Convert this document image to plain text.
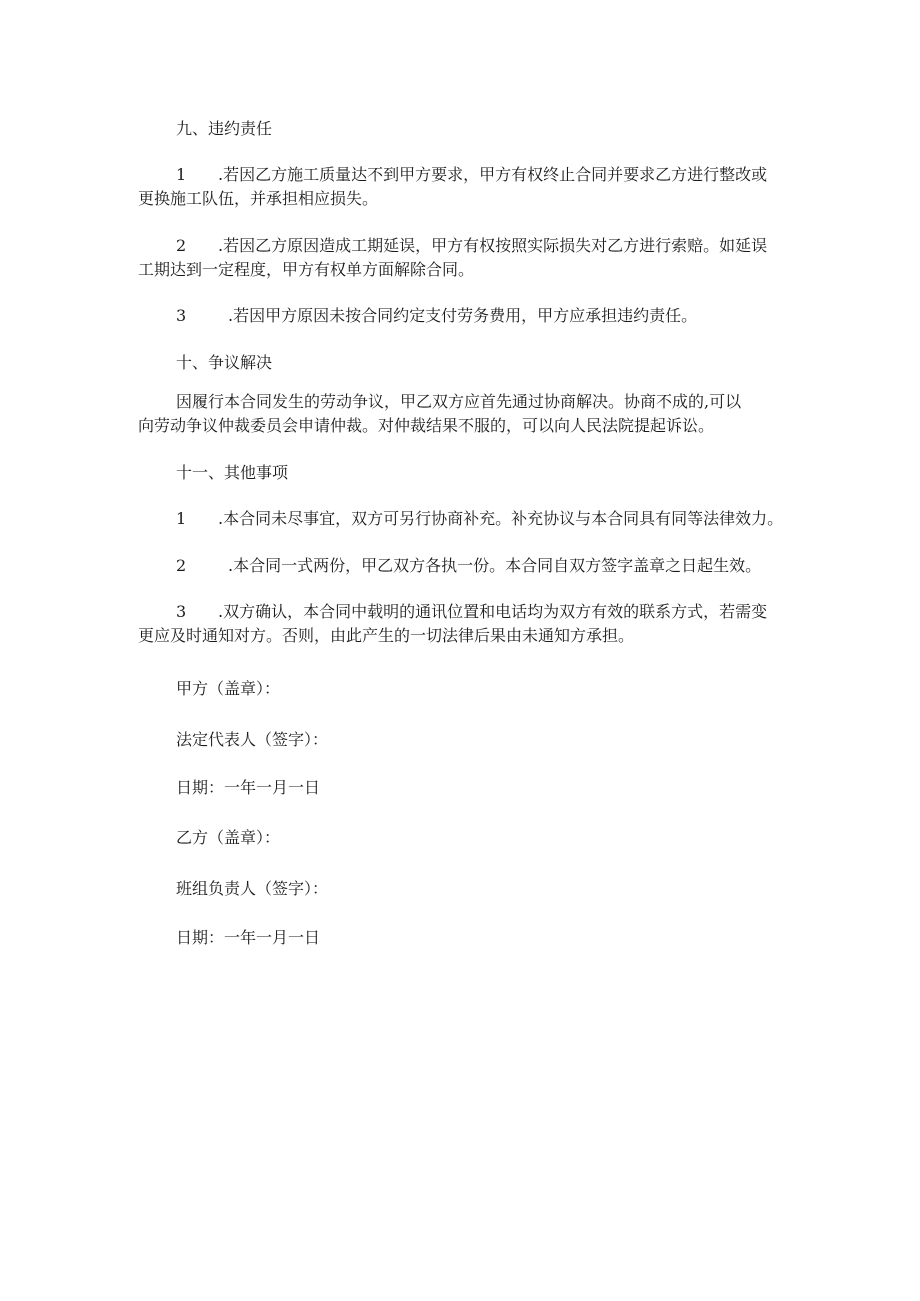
九、违约责任
1 .若因乙方施工质量达不到甲方要求，甲方有权终止合同并要求乙方进行整改或
更换施工队伍，并承担相应损失。
2 .若因乙方原因造成工期延误，甲方有权按照实际损失对乙方进行索赔。如延误
工期达到一定程度，甲方有权单方面解除合同。
3	.若因甲方原因未按合同约定支付劳务费用，甲方应承担违约责任。
十、争议解决
因履行本合同发生的劳动争议，甲乙双方应首先通过协商解决。协商不成的,可以
向劳动争议仲裁委员会申请仲裁。对仲裁结果不服的，可以向人民法院提起诉讼。
十一、其他事项
1 .本合同未尽事宜，双方可另行协商补充。补充协议与本合同具有同等法律效力。
2	.本合同一式两份，甲乙双方各执一份。本合同自双方签字盖章之日起生效。
3 .双方确认，本合同中载明的通讯位置和电话均为双方有效的联系方式，若需变
更应及时通知对方。否则，由此产生的一切法律后果由未通知方承担。
甲方（盖章）：
法定代表人（签字）：
日期：一年一月一日
乙方（盖章）：
班组负责人（签字）：
日期：一年一月一日
